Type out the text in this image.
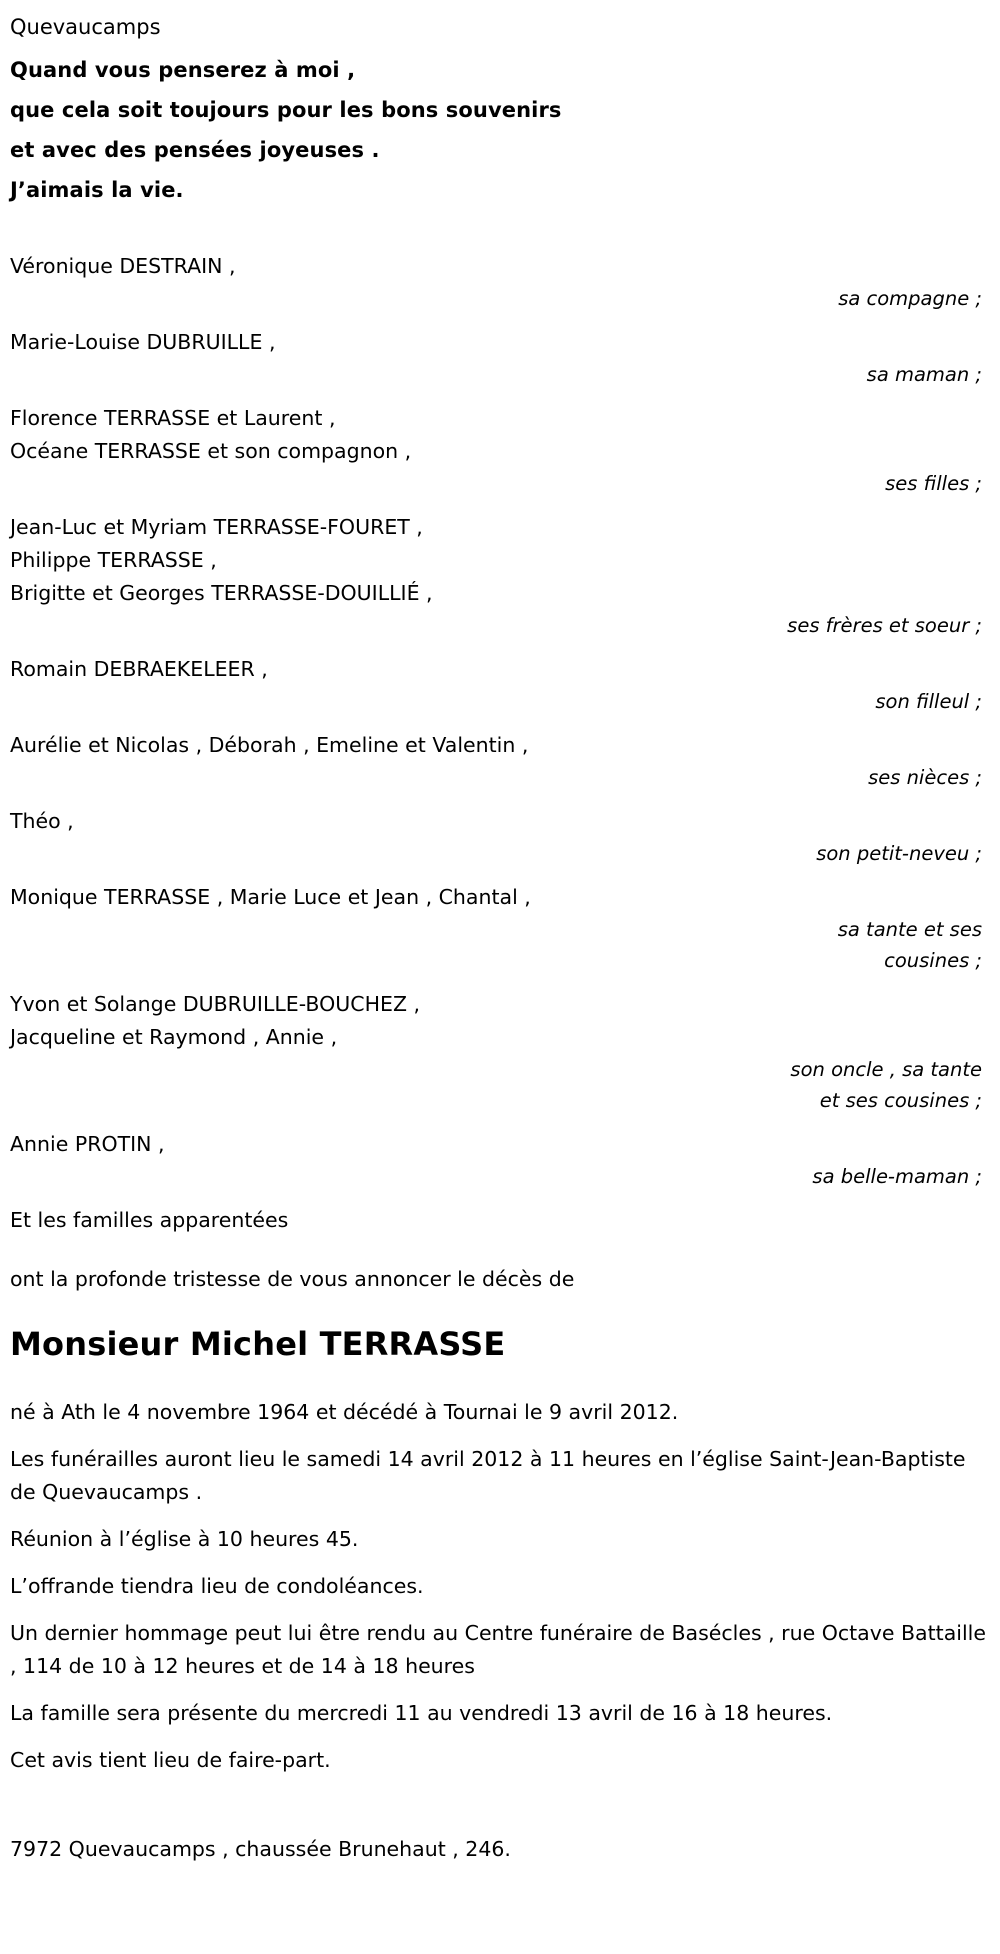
Quevaucamps
Quand vous penserez à moi ,
que cela soit toujours pour les bons souvenirs
et avec des pensées joyeuses .
J’aimais la vie.
Véronique DESTRAIN ,
sa compagne ;
Marie-Louise DUBRUILLE ,
sa maman ;
Florence TERRASSE et Laurent ,
Océane TERRASSE et son compagnon ,
ses filles ;
Jean-Luc et Myriam TERRASSE-FOURET ,
Philippe TERRASSE ,
Brigitte et Georges TERRASSE-DOUILLIÉ ,
ses frères et soeur ;
Romain DEBRAEKELEER ,
son filleul ;
Aurélie et Nicolas , Déborah , Emeline et Valentin ,
ses nièces ;
Théo ,
son petit-neveu ;
Monique TERRASSE , Marie Luce et Jean , Chantal ,
sa tante et ses
cousines ;
Yvon et Solange DUBRUILLE-BOUCHEZ ,
Jacqueline et Raymond , Annie ,
son oncle , sa tante
et ses cousines ;
Annie PROTIN ,
sa belle-maman ;
Et les familles apparentées
ont la profonde tristesse de vous annoncer le décès de
Monsieur Michel TERRASSE
né à Ath le 4 novembre 1964 et décédé à Tournai le 9 avril 2012.
Les funérailles auront lieu le samedi 14 avril 2012 à 11 heures en l’église Saint-Jean-Baptiste de Quevaucamps .
Réunion à l’église à 10 heures 45.
L’offrande tiendra lieu de condoléances.
Un dernier hommage peut lui être rendu au Centre funéraire de Basécles , rue Octave Battaille , 114 de 10 à 12 heures et de 14 à 18 heures
La famille sera présente du mercredi 11 au vendredi 13 avril de 16 à 18 heures.
Cet avis tient lieu de faire-part.
7972 Quevaucamps , chaussée Brunehaut , 246.
